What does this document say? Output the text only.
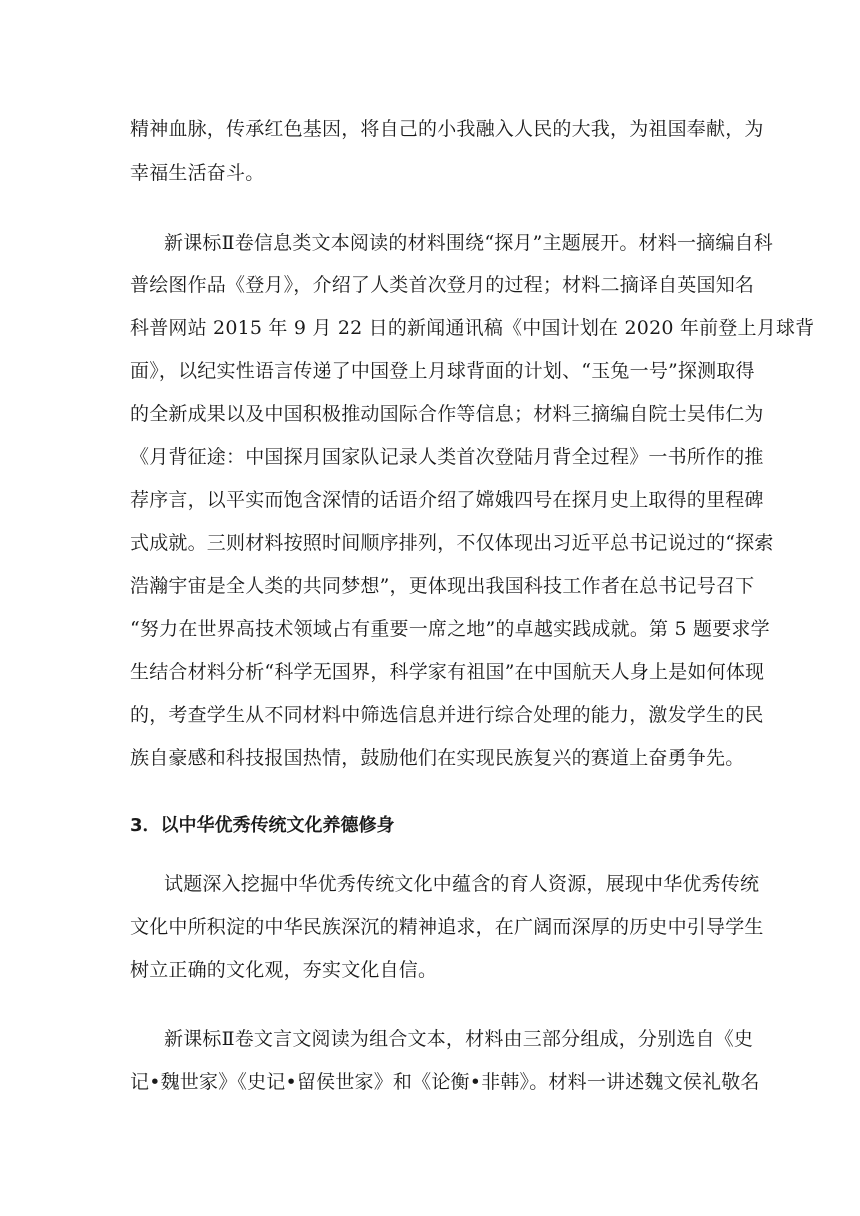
精神血脉，传承红色基因，将自己的小我融入人民的大我，为祖国奉献，为
幸福生活奋斗。
新课标Ⅱ卷信息类文本阅读的材料围绕“探月”主题展开。材料一摘编自科
普绘图作品《登月》，介绍了人类首次登月的过程；材料二摘译自英国知名
科普网站 2015 年 9 月 22 日的新闻通讯稿《中国计划在 2020 年前登上月球背
面》，以纪实性语言传递了中国登上月球背面的计划、“玉兔一号”探测取得
的全新成果以及中国积极推动国际合作等信息；材料三摘编自院士吴伟仁为
《月背征途：中国探月国家队记录人类首次登陆月背全过程》一书所作的推
荐序言，以平实而饱含深情的话语介绍了嫦娥四号在探月史上取得的里程碑
式成就。三则材料按照时间顺序排列，不仅体现出习近平总书记说过的“探索
浩瀚宇宙是全人类的共同梦想”，更体现出我国科技工作者在总书记号召下
“努力在世界高技术领域占有重要一席之地”的卓越实践成就。第 5 题要求学
生结合材料分析“科学无国界，科学家有祖国”在中国航天人身上是如何体现
的，考查学生从不同材料中筛选信息并进行综合处理的能力，激发学生的民
族自豪感和科技报国热情，鼓励他们在实现民族复兴的赛道上奋勇争先。
3．以中华优秀传统文化养德修身
试题深入挖掘中华优秀传统文化中蕴含的育人资源，展现中华优秀传统
文化中所积淀的中华民族深沉的精神追求，在广阔而深厚的历史中引导学生
树立正确的文化观，夯实文化自信。
新课标Ⅱ卷文言文阅读为组合文本，材料由三部分组成，分别选自《史
记•魏世家》《史记•留侯世家》和《论衡•非韩》。材料一讲述魏文侯礼敬名
